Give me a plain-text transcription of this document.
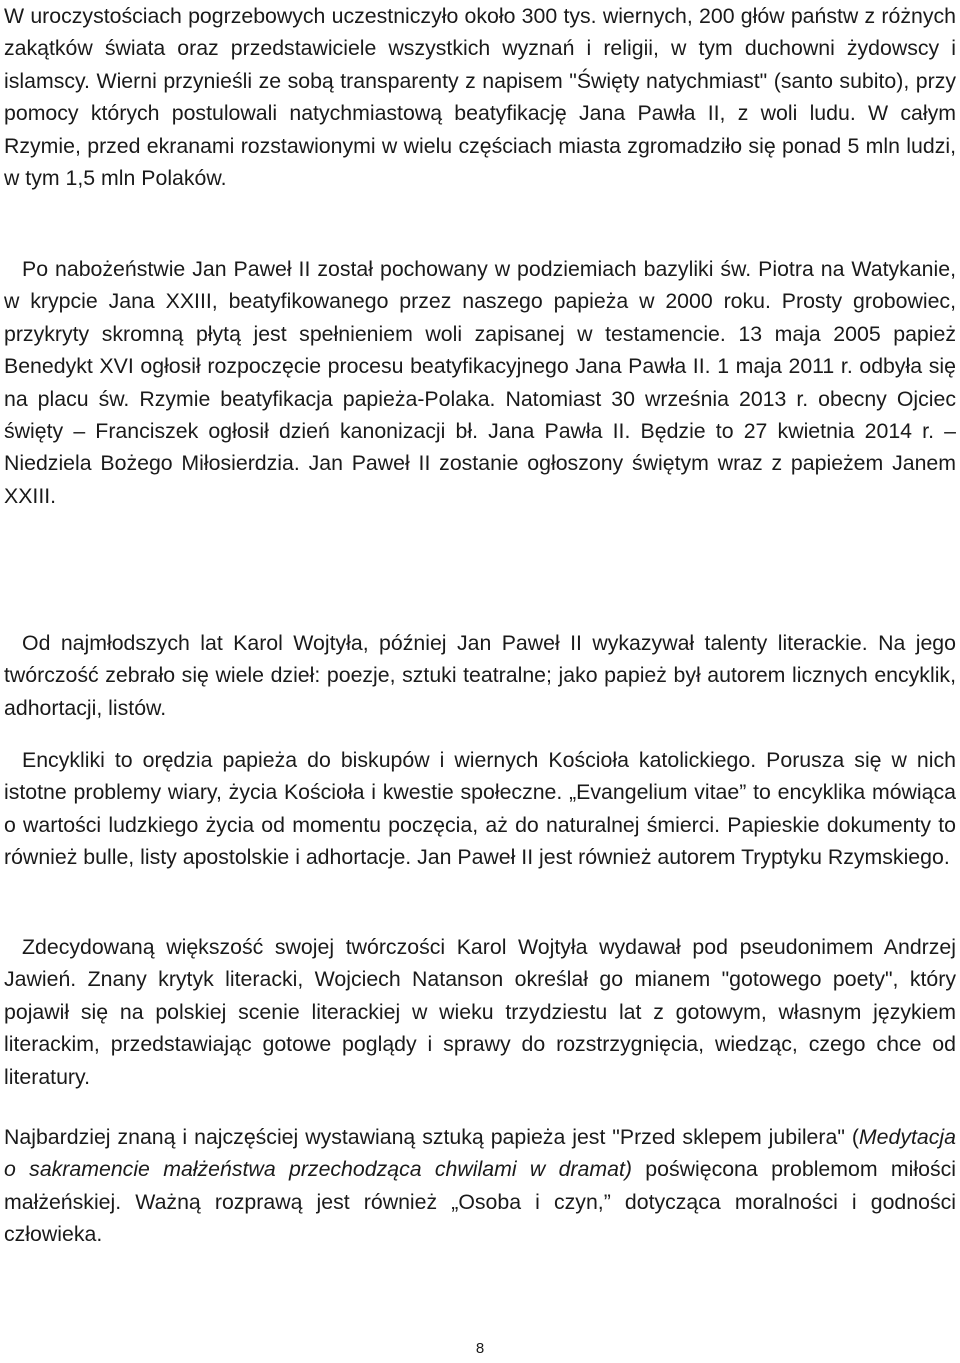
W uroczystościach pogrzebowych uczestniczyło około 300 tys. wiernych, 200 głów państw z różnych zakątków świata oraz przedstawiciele wszystkich wyznań i religii, w tym duchowni żydowscy i islamscy. Wierni przynieśli ze sobą transparenty z napisem "Święty natychmiast" (santo subito), przy pomocy których postulowali natychmiastową beatyfikację Jana Pawła II, z woli ludu. W całym Rzymie, przed ekranami rozstawionymi w wielu częściach miasta zgromadziło się ponad 5 mln ludzi, w tym 1,5 mln Polaków.

Po nabożeństwie Jan Paweł II został pochowany w podziemiach bazyliki św. Piotra na Watykanie, w krypcie Jana XXIII, beatyfikowanego przez naszego papieża w 2000 roku. Prosty grobowiec, przykryty skromną płytą jest spełnieniem woli zapisanej w testamencie. 13 maja 2005 papież Benedykt XVI ogłosił rozpoczęcie procesu beatyfikacyjnego Jana Pawła II. 1 maja 2011 r. odbyła się na placu św. Rzymie beatyfikacja papieża-Polaka. Natomiast 30 września 2013 r. obecny Ojciec święty – Franciszek ogłosił dzień kanonizacji bł. Jana Pawła II. Będzie to 27 kwietnia 2014 r. – Niedziela Bożego Miłosierdzia. Jan Paweł II zostanie ogłoszony świętym wraz z papieżem Janem XXIII.

Od najmłodszych lat Karol Wojtyła, później Jan Paweł II wykazywał talenty literackie. Na jego twórczość zebrało się wiele dzieł: poezje, sztuki teatralne; jako papież był autorem licznych encyklik, adhortacji, listów.

Encykliki to orędzia papieża do biskupów i wiernych Kościoła katolickiego. Porusza się w nich istotne problemy wiary, życia Kościoła i kwestie społeczne. „Evangelium vitae” to encyklika mówiąca o wartości ludzkiego życia od momentu poczęcia, aż do naturalnej śmierci. Papieskie dokumenty to również bulle, listy apostolskie i adhortacje. Jan Paweł II jest również autorem Tryptyku Rzymskiego.

Zdecydowaną większość swojej twórczości Karol Wojtyła wydawał pod pseudonimem Andrzej Jawień. Znany krytyk literacki, Wojciech Natanson określał go mianem "gotowego poety", który pojawił się na polskiej scenie literackiej w wieku trzydziestu lat z gotowym, własnym językiem literackim, przedstawiając gotowe poglądy i sprawy do rozstrzygnięcia, wiedząc, czego chce od literatury.

Najbardziej znaną i najczęściej wystawianą sztuką papieża jest "Przed sklepem jubilera" (Medytacja o sakramencie małżeństwa przechodząca chwilami w dramat) poświęcona problemom miłości małżeńskiej. Ważną rozprawą jest również „Osoba i czyn,” dotycząca moralności i godności człowieka.

8
